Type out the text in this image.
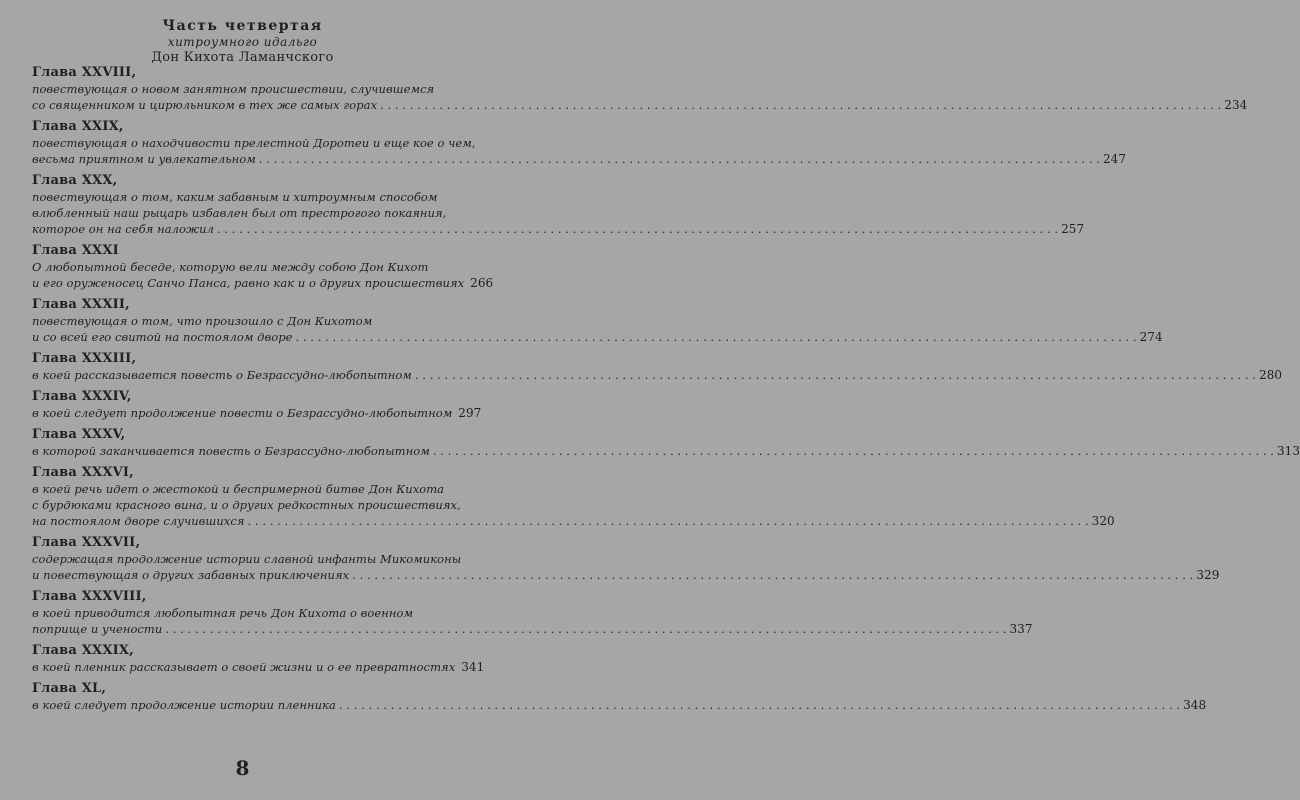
Часть четвертая
хитроумного идальго
Дон Кихота Ламанчского
Глава XXVIII,
повествующая о новом занятном происшествии, случившемся
со священником и цирюльником в тех же самых горах . . .	234
Глава XXIX,
повествующая о находчивости прелестной Доротеи и еще кое о чем,
весьма приятном и увлекательном . . .	247
Глава XXX,
повествующая о том, каким забавным и хитроумным способом
влюбленный наш рыцарь избавлен был от престрогого покаяния,
которое он на себя наложил . . .	257
Глава XXXI
О любопытной беседе, которую вели между собою Дон Кихот
и его оруженосец Санчо Панса, равно как и о других происшествиях 266
Глава XXXII,
повествующая о том, что произошло с Дон Кихотом
и со всей его свитой на постоялом дворе . . .	274
Глава XXXIII,
в коей рассказывается повесть о Безрассудно-любопытном . . .	280
Глава XXXIV,
в коей следует продолжение повести о Безрассудно-любопытном 297
Глава XXXV,
в которой заканчивается повесть о Безрассудно-любопытном . . .	313
Глава XXXVI,
в коей речь идет о жестокой и беспримерной битве Дон Кихота
с бурдюками красного вина, и о других редкостных происшествиях,
на постоялом дворе случившихся . . .	320
Глава XXXVII,
содержащая продолжение истории славной инфанты Микомиконы
и повествующая о других забавных приключениях . . .	329
Глава XXXVIII,
в коей приводится любопытная речь Дон Кихота о военном
поприще и учености . . .	337
Глава XXXIX,
в коей пленник рассказывает о своей жизни и о ее превратностях 341
Глава XL,
в коей следует продолжение истории пленника . . .	348
8
